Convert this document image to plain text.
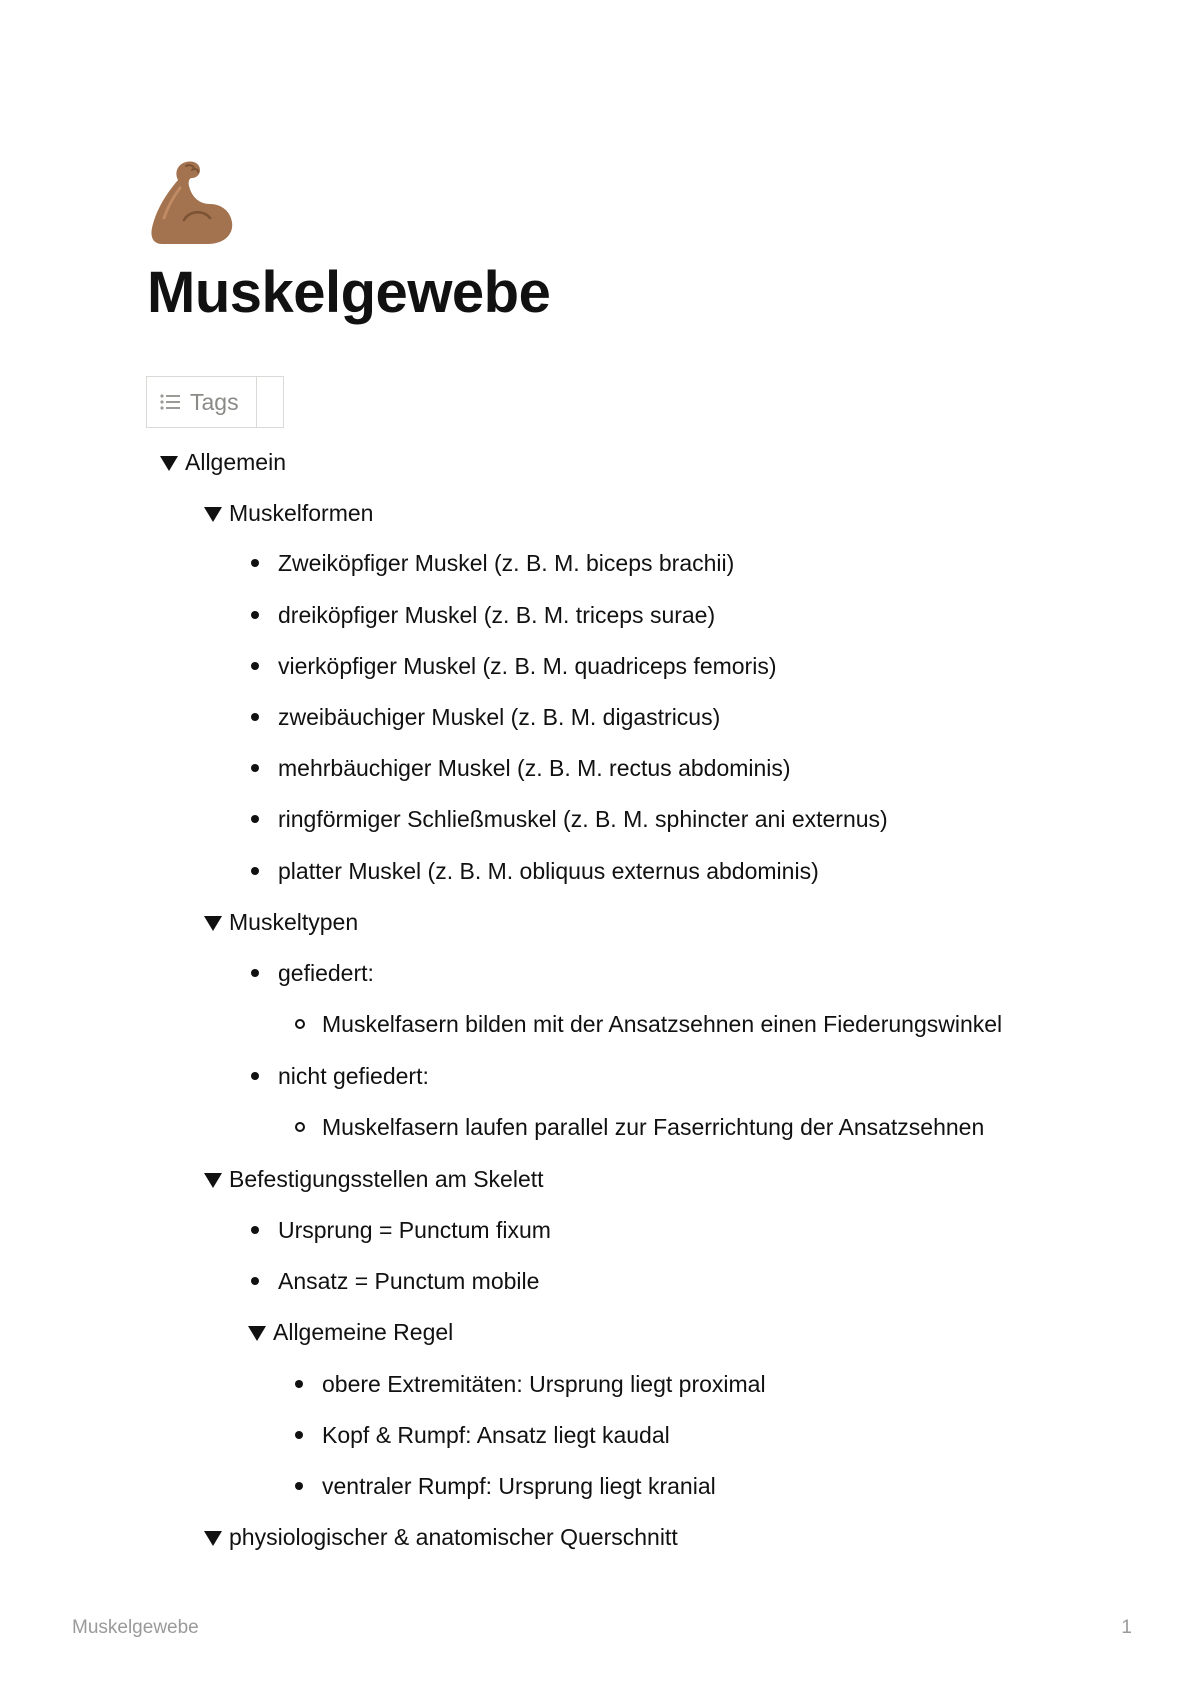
Muskelgewebe
Tags
Allgemein
Muskelformen
Zweiköpfiger Muskel (z. B. M. biceps brachii)
dreiköpfiger Muskel (z. B. M. triceps surae)
vierköpfiger Muskel (z. B. M. quadriceps femoris)
zweibäuchiger Muskel (z. B. M. digastricus)
mehrbäuchiger Muskel (z. B. M. rectus abdominis)
ringförmiger Schließmuskel (z. B. M. sphincter ani externus)
platter Muskel (z. B. M. obliquus externus abdominis)
Muskeltypen
gefiedert:
Muskelfasern bilden mit der Ansatzsehnen einen Fiederungswinkel
nicht gefiedert:
Muskelfasern laufen parallel zur Faserrichtung der Ansatzsehnen
Befestigungsstellen am Skelett
Ursprung = Punctum fixum
Ansatz = Punctum mobile
Allgemeine Regel
obere Extremitäten: Ursprung liegt proximal
Kopf & Rumpf: Ansatz liegt kaudal
ventraler Rumpf: Ursprung liegt kranial
physiologischer & anatomischer Querschnitt
Muskelgewebe	1
